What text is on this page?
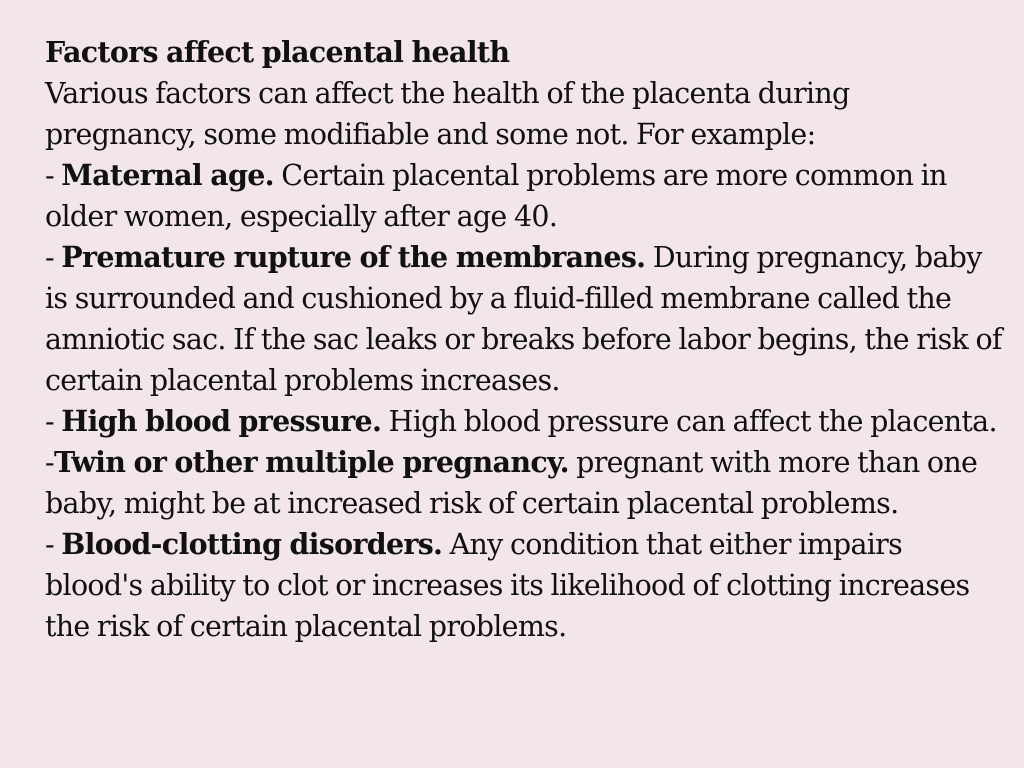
Factors affect placental health

Various factors can affect the health of the placenta during pregnancy, some modifiable and some not. For example:

- Maternal age. Certain placental problems are more common in older women, especially after age 40.

- Premature rupture of the membranes. During pregnancy, baby is surrounded and cushioned by a fluid-filled membrane called the amniotic sac. If the sac leaks or breaks before labor begins, the risk of certain placental problems increases.

- High blood pressure. High blood pressure can affect the placenta.

-Twin or other multiple pregnancy. pregnant with more than one baby, might be at increased risk of certain placental problems.

- Blood-clotting disorders. Any condition that either impairs blood's ability to clot or increases its likelihood of clotting increases the risk of certain placental problems.
